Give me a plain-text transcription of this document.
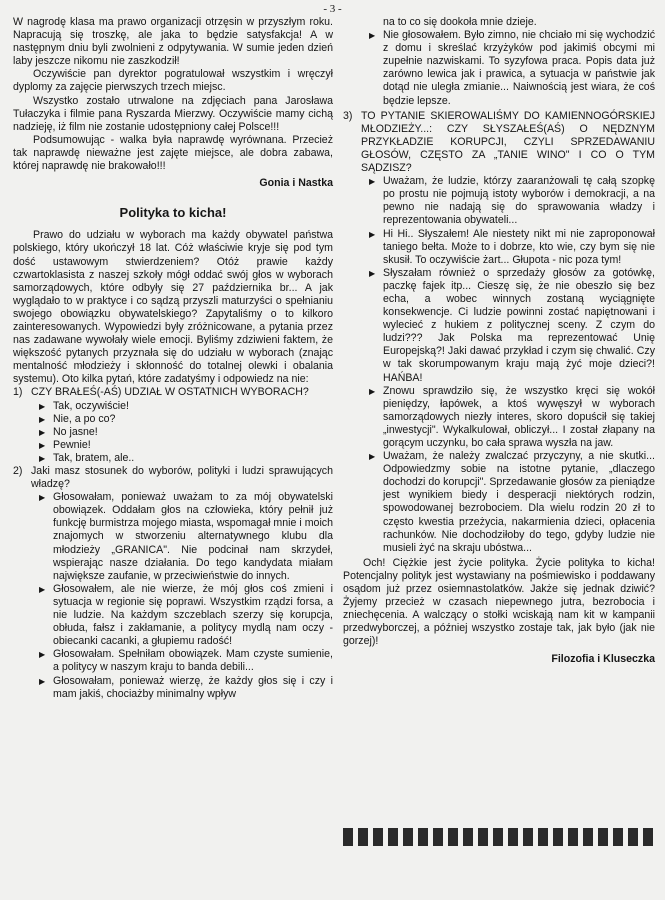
- 3 -

W nagrodę klasa ma prawo organizacji otrzęsin w przyszłym roku. Napracują się troszkę, ale jaka to będzie satysfakcja! A w następnym dniu byli zwolnieni z odpytywania. W sumie jeden dzień laby jeszcze nikomu nie zaszkodził!

Oczywiście pan dyrektor pogratulował wszystkim i wręczył dyplomy za zajęcie pierwszych trzech miejsc.

Wszystko zostało utrwalone na zdjęciach pana Jarosława Tułaczyka i filmie pana Ryszarda Mierzwy. Oczywiście mamy cichą nadzieję, iż film nie zostanie udostępniony całej Polsce!!!

Podsumowując - walka była naprawdę wyrównana. Przecież tak naprawdę nieważne jest zajęte miejsce, ale dobra zabawa, której naprawdę nie brakowało!!!

Gonia i Nastka
Polityka to kicha!

Prawo do udziału w wyborach ma każdy obywatel państwa polskiego, który ukończył 18 lat. Cóż właściwie kryje się pod tym dość ustawowym stwierdzeniem? Otóż prawie każdy czwartoklasista z naszej szkoły mógł oddać swój głos w wyborach samorządowych, które odbyły się 27 października br... A jak wyglądało to w praktyce i co sądzą przyszli maturzyści o spełnianiu swojego obowiązku obywatelskiego? Zapytaliśmy o to kilkoro zainteresowanych. Wypowiedzi były zróżnicowane, a pytania przez nas zadawane wywołały wiele emocji. Byliśmy zdziwieni faktem, że większość pytanych przyznała się do udziału w wyborach (znając mentalność młodzieży i skłonność do totalnej olewki i obalania systemu). Oto kilka pytań, które zadatyśmy i odpowiedz na nie:

1) CZY BRAŁEŚ(-AŚ) UDZIAŁ W OSTATNICH WYBORACH?
▶ Tak, oczywiście!
▶ Nie, a po co?
▶ No jasne!
▶ Pewnie!
▶ Tak, bratem, ale..
2) Jaki masz stosunek do wyborów, polityki i ludzi sprawujących władzę?
▶ Głosowałam, ponieważ uważam to za mój obywatelski obowiązek. Oddałam głos na człowieka, który pełnił już funkcję burmistrza mojego miasta, wspomagał mnie i moich znajomych w stworzeniu alternatywnego klubu dla młodzieży „GRANICA". Nie podcinał nam skrzydeł, wspierając nasze działania. Do tego kandydata miałam największe zaufanie, w przeciwieństwie do innych.
▶ Głosowałem, ale nie wierze, że mój głos coś zmieni i sytuacja w regionie się poprawi. Wszystkim rządzi forsa, a nie ludzie. Na każdym szczeblach szerzy się korupcja, obłuda, fałsz i zakłamanie, a politycy mydlą nam oczy - obiecanki cacanki, a głupiemu radość!
▶ Głosowałam. Spełniłam obowiązek. Mam czyste sumienie, a politycy w naszym kraju to banda debili...
▶ Głosowałam, ponieważ wierzę, że każdy głos się i czy i mam jakiś, chociażby minimalny wpływ
na to co się dookoła mnie dzieje.
▶ Nie głosowałem. Było zimno, nie chciało mi się wychodzić z domu i skreślać krzyżyków pod jakimiś obcymi mi zupełnie nazwiskami. To syzyfowa praca. Popis data już zarówno lewica jak i prawica, a sytuacja w państwie jak dotąd nie uległa zmianie... Naiwnością jest wiara, że coś będzie lepsze.
3) TO PYTANIE SKIEROWALIŚMY DO KAMIENNOGÓRSKIEJ MŁODZIEŻY...: CZY SŁYSZAŁEŚ(AŚ) O NĘDZNYM PRZYKŁADZIE KORUPCJI, CZYLI SPRZEDAWANIU GŁOSÓW, CZĘSTO ZA „TANIE WINO" I CO O TYM SĄDZISZ?
▶ Uważam, że ludzie, którzy zaaranżowali tę całą szopkę po prostu nie pojmują istoty wyborów i demokracji, a na pewno nie nadają się do sprawowania władzy i reprezentowania obywateli...
▶ Hi Hi.. Słyszałem! Ale niestety nikt mi nie zaproponował taniego bełta. Może to i dobrze, kto wie, czy bym się nie skusił. To oczywiście żart... Głupota - nic poza tym!
▶ Słyszałam również o sprzedaży głosów za gotówkę, paczkę fajek itp... Cieszę się, że nie obeszło się bez echa, a wobec winnych zostaną wyciągnięte konsekwencje. Ci ludzie powinni zostać napiętnowani i wylecieć z hukiem z politycznej sceny. Z czym do ludzi??? Jak Polska ma reprezentować Unię Europejską?! Jaki dawać przykład i czym się chwalić. Czy w tak skorumpowanym kraju mają żyć moje dzieci?! HAŃBA!
▶ Znowu sprawdziło się, że wszystko kręci się wokół pieniędzy, łapówek, a ktoś wywęszył w wyborach samorządowych niezły interes, skoro dopuścił się takiej „inwestycji". Wykalkulował, obliczył... I został złapany na gorącym uczynku, bo cała sprawa wyszła na jaw.
▶ Uważam, że należy zwalczać przyczyny, a nie skutki... Odpowiedzmy sobie na istotne pytanie, „dlaczego dochodzi do korupcji". Sprzedawanie głosów za pieniądze jest wynikiem biedy i desperacji niektórych rodzin, spowodowanej bezrobociem. Dla wielu rodzin 20 zł to często kwestia przeżycia, nakarmienia dzieci, opłacenia rachunków. Nie dochodziłoby do tego, gdyby ludzie nie musieli żyć na skraju ubóstwa...

Och! Ciężkie jest życie polityka. Życie polityka to kicha! Potencjalny polityk jest wystawiany na pośmiewisko i poddawany osądom już przez osiemnastolatków. Jakże się jednak dziwić? Żyjemy przecież w czasach niepewnego jutra, bezrobocia i zniechęcenia. A walczący o stołki wciskają nam kit w kampanii przedwyborczej, a później wszystko zostaje tak, jak było (jak nie gorzej)!

Filozofia i Kluseczka
